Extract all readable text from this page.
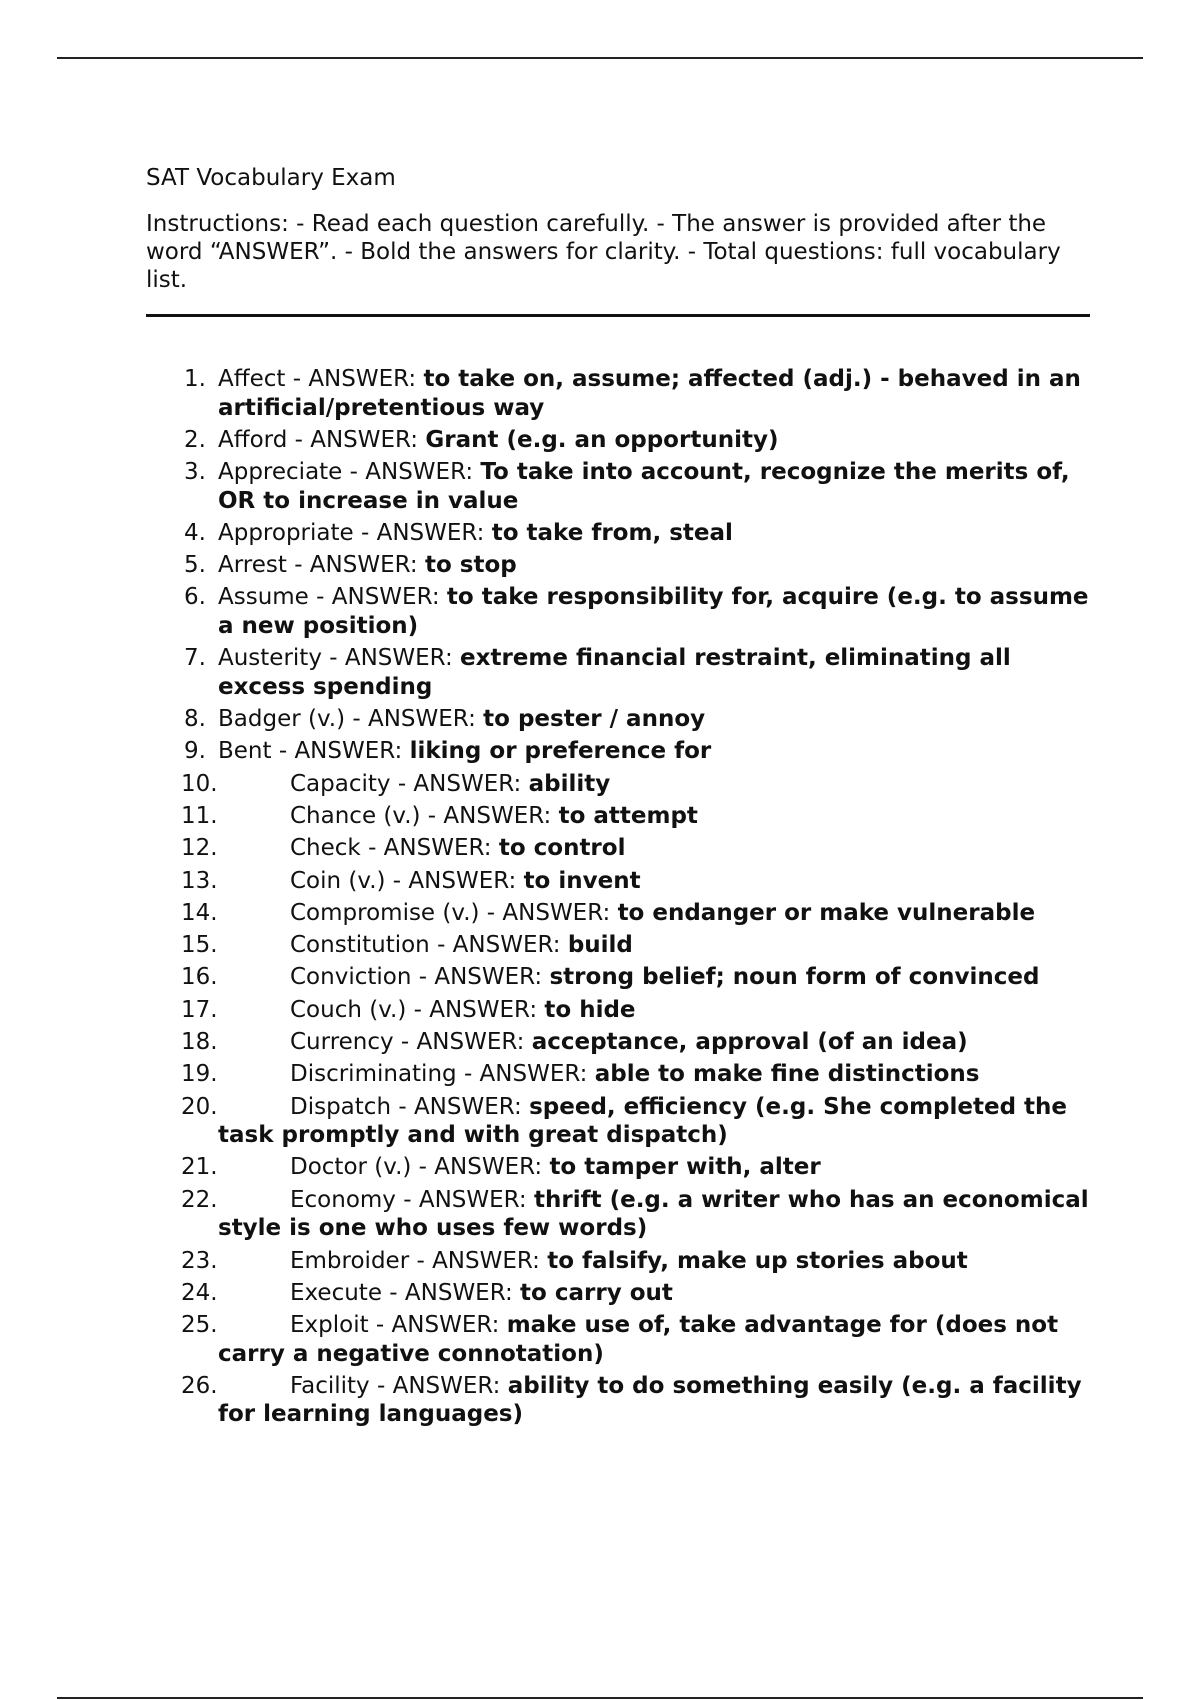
SAT Vocabulary Exam

Instructions: - Read each question carefully. - The answer is provided after the word “ANSWER”. - Bold the answers for clarity. - Total questions: full vocabulary list.

1. Affect - ANSWER: to take on, assume; affected (adj.) - behaved in an artificial/pretentious way
2. Afford - ANSWER: Grant (e.g. an opportunity)
3. Appreciate - ANSWER: To take into account, recognize the merits of, OR to increase in value
4. Appropriate - ANSWER: to take from, steal
5. Arrest - ANSWER: to stop
6. Assume - ANSWER: to take responsibility for, acquire (e.g. to assume a new position)
7. Austerity - ANSWER: extreme financial restraint, eliminating all excess spending
8. Badger (v.) - ANSWER: to pester / annoy
9. Bent - ANSWER: liking or preference for
10.	Capacity - ANSWER: ability
11.	Chance (v.) - ANSWER: to attempt
12.	Check - ANSWER: to control
13.	Coin (v.) - ANSWER: to invent
14.	Compromise (v.) - ANSWER: to endanger or make vulnerable
15.	Constitution - ANSWER: build
16.	Conviction - ANSWER: strong belief; noun form of convinced
17.	Couch (v.) - ANSWER: to hide
18.	Currency - ANSWER: acceptance, approval (of an idea)
19.	Discriminating - ANSWER: able to make fine distinctions
20.	Dispatch - ANSWER: speed, efficiency (e.g. She completed the task promptly and with great dispatch)
21.	Doctor (v.) - ANSWER: to tamper with, alter
22.	Economy - ANSWER: thrift (e.g. a writer who has an economical style is one who uses few words)
23.	Embroider - ANSWER: to falsify, make up stories about
24.	Execute - ANSWER: to carry out
25.	Exploit - ANSWER: make use of, take advantage for (does not carry a negative connotation)
26.	Facility - ANSWER: ability to do something easily (e.g. a facility for learning languages)
